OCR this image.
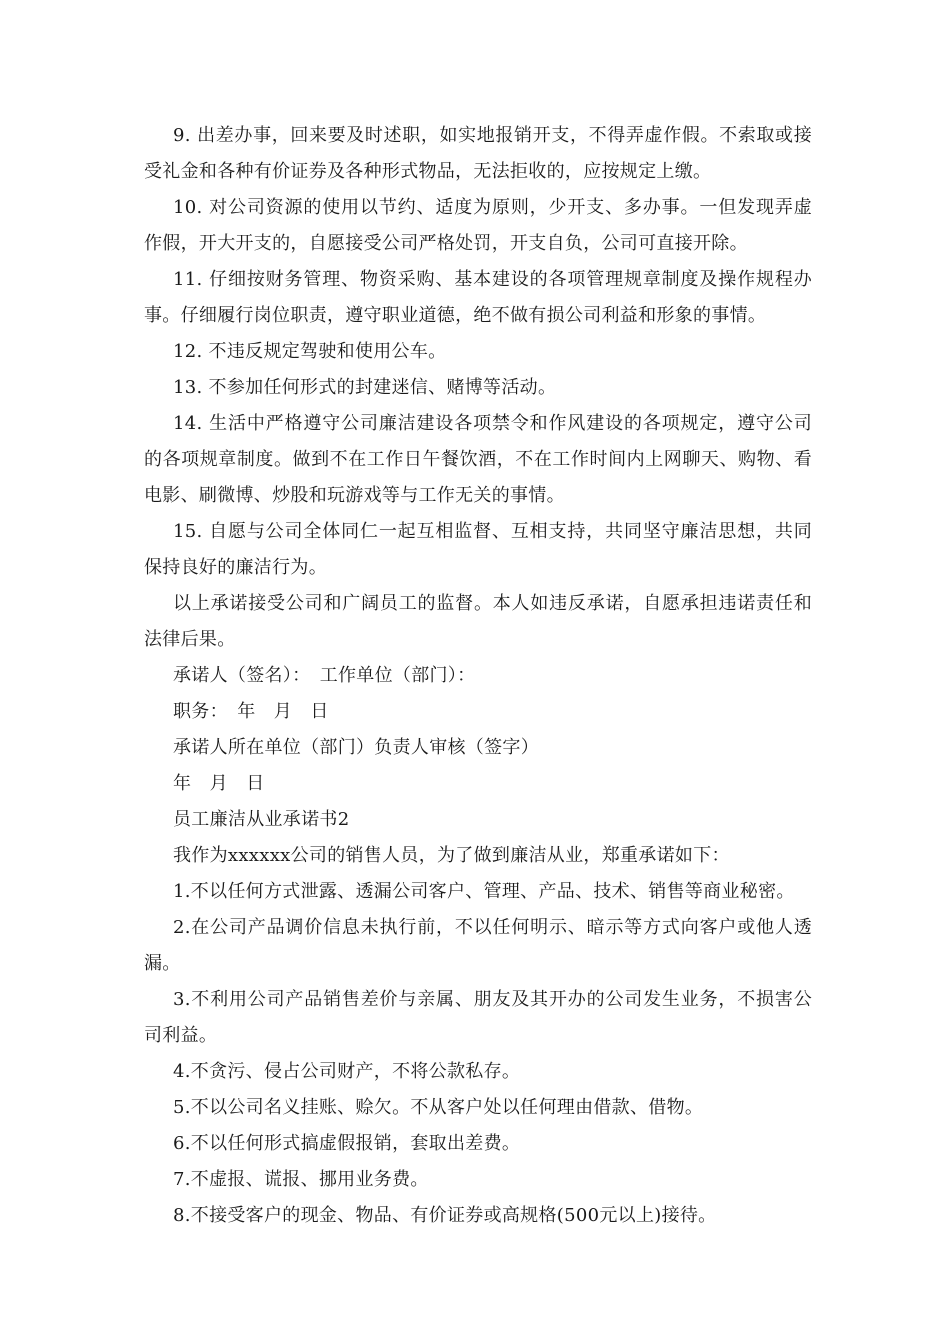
9. 出差办事，回来要及时述职，如实地报销开支，不得弄虚作假。不索取或接受礼金和各种有价证券及各种形式物品，无法拒收的，应按规定上缴。

10. 对公司资源的使用以节约、适度为原则，少开支、多办事。一但发现弄虚作假，开大开支的，自愿接受公司严格处罚，开支自负，公司可直接开除。

11. 仔细按财务管理、物资采购、基本建设的各项管理规章制度及操作规程办事。仔细履行岗位职责，遵守职业道德，绝不做有损公司利益和形象的事情。

12. 不违反规定驾驶和使用公车。

13. 不参加任何形式的封建迷信、赌博等活动。

14. 生活中严格遵守公司廉洁建设各项禁令和作风建设的各项规定，遵守公司的各项规章制度。做到不在工作日午餐饮酒，不在工作时间内上网聊天、购物、看电影、刷微博、炒股和玩游戏等与工作无关的事情。

15. 自愿与公司全体同仁一起互相监督、互相支持，共同坚守廉洁思想，共同保持良好的廉洁行为。

以上承诺接受公司和广阔员工的监督。本人如违反承诺，自愿承担违诺责任和法律后果。

承诺人（签名）：　工作单位（部门）：

职务：　年　月　日

承诺人所在单位（部门）负责人审核（签字）

年　月　日

员工廉洁从业承诺书2

我作为xxxxxx公司的销售人员，为了做到廉洁从业，郑重承诺如下：

1.不以任何方式泄露、透漏公司客户、管理、产品、技术、销售等商业秘密。

2.在公司产品调价信息未执行前，不以任何明示、暗示等方式向客户或他人透漏。

3.不利用公司产品销售差价与亲属、朋友及其开办的公司发生业务，不损害公司利益。

4.不贪污、侵占公司财产，不将公款私存。

5.不以公司名义挂账、赊欠。不从客户处以任何理由借款、借物。

6.不以任何形式搞虚假报销，套取出差费。

7.不虚报、谎报、挪用业务费。

8.不接受客户的现金、物品、有价证券或高规格(500元以上)接待。
